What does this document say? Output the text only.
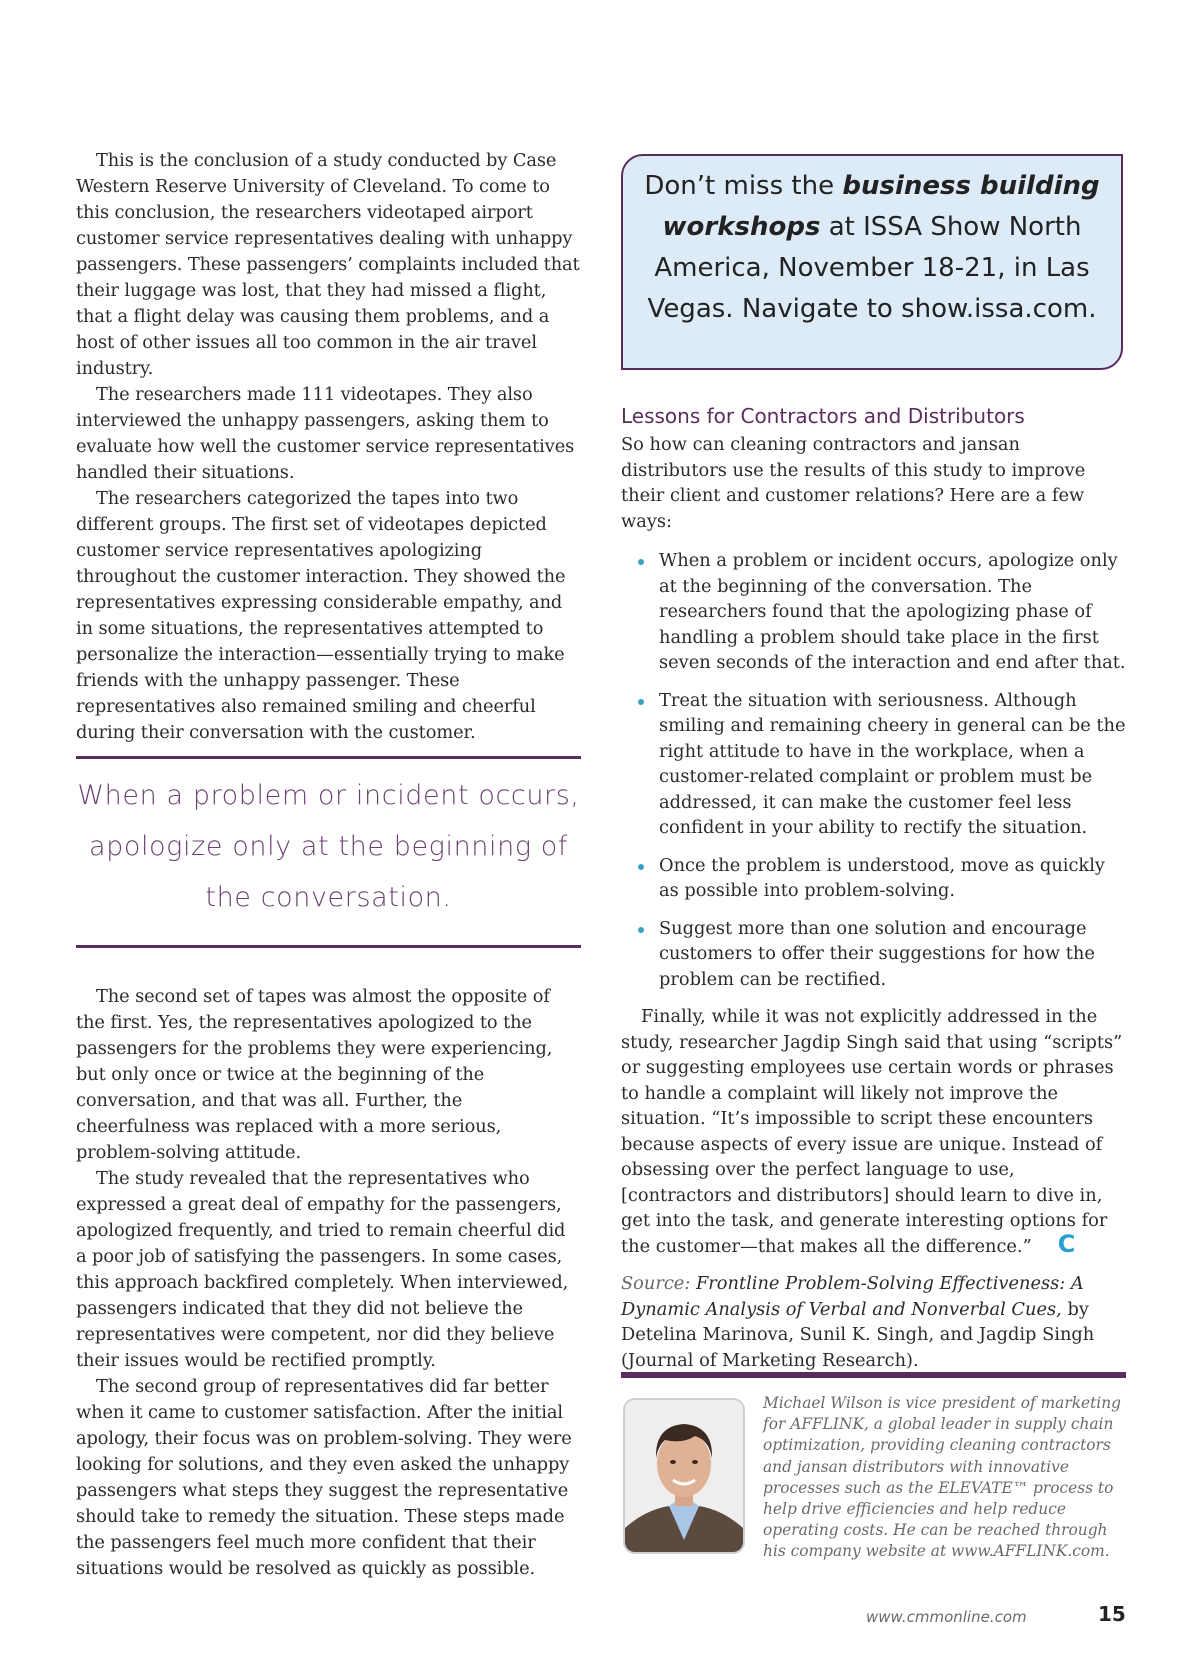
This is the conclusion of a study conducted by Case Western Reserve University of Cleveland. To come to this conclusion, the researchers videotaped airport customer service representatives dealing with unhappy passengers. These passengers’ complaints included that their luggage was lost, that they had missed a flight, that a flight delay was causing them problems, and a host of other issues all too common in the air travel industry.

The researchers made 111 videotapes. They also interviewed the unhappy passengers, asking them to evaluate how well the customer service representatives handled their situations.

The researchers categorized the tapes into two different groups. The first set of videotapes depicted customer service representatives apologizing throughout the customer interaction. They showed the representatives expressing considerable empathy, and in some situations, the representatives attempted to personalize the interaction—essentially trying to make friends with the unhappy passenger. These representatives also remained smiling and cheerful during their conversation with the customer.

When a problem or incident occurs, apologize only at the beginning of the conversation.

The second set of tapes was almost the opposite of the first. Yes, the representatives apologized to the passengers for the problems they were experiencing, but only once or twice at the beginning of the conversation, and that was all. Further, the cheerfulness was replaced with a more serious, problem-solving attitude.

The study revealed that the representatives who expressed a great deal of empathy for the passengers, apologized frequently, and tried to remain cheerful did a poor job of satisfying the passengers. In some cases, this approach backfired completely. When interviewed, passengers indicated that they did not believe the representatives were competent, nor did they believe their issues would be rectified promptly.

The second group of representatives did far better when it came to customer satisfaction. After the initial apology, their focus was on problem-solving. They were looking for solutions, and they even asked the unhappy passengers what steps they suggest the representative should take to remedy the situation. These steps made the passengers feel much more confident that their situations would be resolved as quickly as possible.

Don’t miss the business building workshops at ISSA Show North America, November 18-21, in Las Vegas. Navigate to show.issa.com.
Lessons for Contractors and Distributors

So how can cleaning contractors and jansan distributors use the results of this study to improve their client and customer relations? Here are a few ways:

When a problem or incident occurs, apologize only at the beginning of the conversation. The researchers found that the apologizing phase of handling a problem should take place in the first seven seconds of the interaction and end after that.
Treat the situation with seriousness. Although smiling and remaining cheery in general can be the right attitude to have in the workplace, when a customer-related complaint or problem must be addressed, it can make the customer feel less confident in your ability to rectify the situation.
Once the problem is understood, move as quickly as possible into problem-solving.
Suggest more than one solution and encourage customers to offer their suggestions for how the problem can be rectified.

Finally, while it was not explicitly addressed in the study, researcher Jagdip Singh said that using “scripts” or suggesting employees use certain words or phrases to handle a complaint will likely not improve the situation. “It’s impossible to script these encounters because aspects of every issue are unique. Instead of obsessing over the perfect language to use, [contractors and distributors] should learn to dive in, get into the task, and generate interesting options for the customer—that makes all the difference.” C

Source: Frontline Problem-Solving Effectiveness: A Dynamic Analysis of Verbal and Nonverbal Cues, by Detelina Marinova, Sunil K. Singh, and Jagdip Singh (Journal of Marketing Research).

Michael Wilson is vice president of marketing for AFFLINK, a global leader in supply chain optimization, providing cleaning contractors and jansan distributors with innovative processes such as the ELEVATE™ process to help drive efficiencies and help reduce operating costs. He can be reached through his company website at www.AFFLINK.com.

www.cmmonline.com	15
